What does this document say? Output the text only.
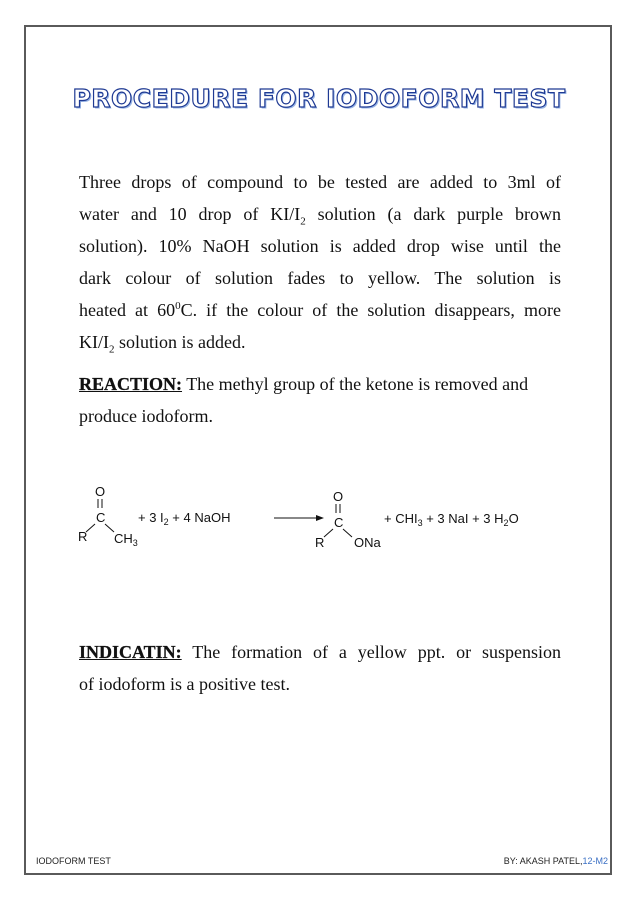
PROCEDURE FOR IODOFORM TEST
Three drops of compound to be tested are added to 3ml of
water and 10 drop of $KI/I_2$ solution (a dark purple brown
solution). 10% NaOH solution is added drop wise until the
dark colour of solution fades to yellow. The solution is
heated at $60^0C$. if the colour of the solution disappears, more
$KI/I_2$ solution is added.
REACTION: The methyl group of the ketone is removed and
produce iodoform.
O
C
R $CH_3$
+ 3 $I_2 + 4$ NaOH
O
C
R ONa
+ $CHI_3 + 3$ NaI + 3 $H_2O$
INDICATIN: The formation of a yellow ppt. or suspension
of iodoform is a positive test.
IODOFORM TEST	BY: AKASH PATEL,12-M2
